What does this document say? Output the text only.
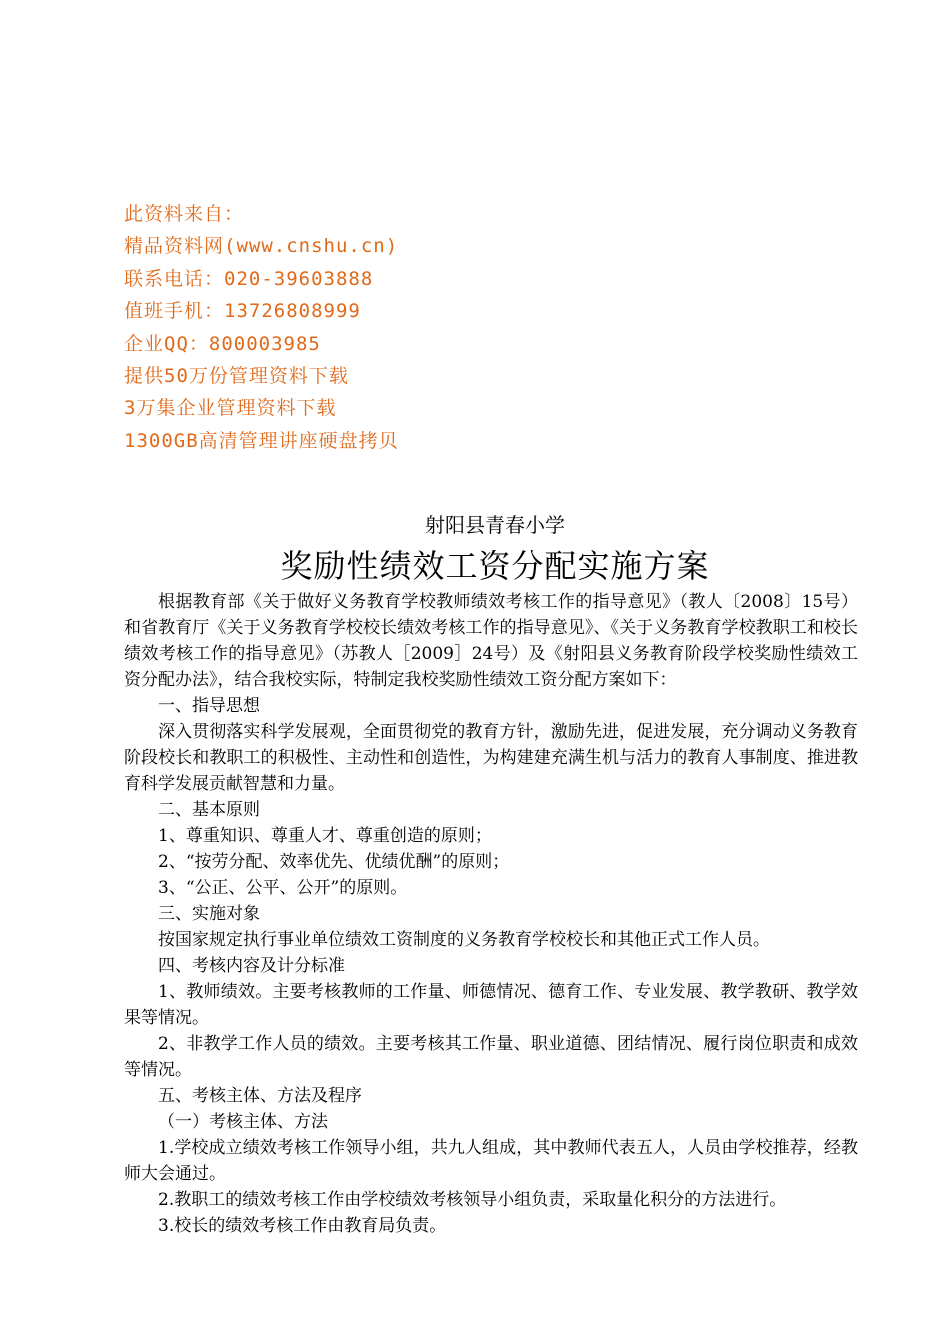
此资料来自：
精品资料网(www.cnshu.cn)
联系电话：020-39603888
值班手机：13726808999
企业QQ：800003985
提供50万份管理资料下载
3万集企业管理资料下载
1300GB高清管理讲座硬盘拷贝
射阳县青春小学
奖励性绩效工资分配实施方案

根据教育部《关于做好义务教育学校教师绩效考核工作的指导意见》（教人〔2008〕15号）和省教育厅《关于义务教育学校校长绩效考核工作的指导意见》、《关于义务教育学校教职工和校长绩效考核工作的指导意见》（苏教人［2009］24号）及《射阳县义务教育阶段学校奖励性绩效工资分配办法》，结合我校实际，特制定我校奖励性绩效工资分配方案如下：

一、指导思想

深入贯彻落实科学发展观，全面贯彻党的教育方针，激励先进，促进发展，充分调动义务教育阶段校长和教职工的积极性、主动性和创造性，为构建建充满生机与活力的教育人事制度、推进教育科学发展贡献智慧和力量。

二、基本原则

1、尊重知识、尊重人才、尊重创造的原则；

2、“按劳分配、效率优先、优绩优酬”的原则；

3、“公正、公平、公开”的原则。

三、实施对象

按国家规定执行事业单位绩效工资制度的义务教育学校校长和其他正式工作人员。

四、考核内容及计分标准

1、教师绩效。主要考核教师的工作量、师德情况、德育工作、专业发展、教学教研、教学效果等情况。

2、非教学工作人员的绩效。主要考核其工作量、职业道德、团结情况、履行岗位职责和成效等情况。

五、考核主体、方法及程序

（一）考核主体、方法

1.学校成立绩效考核工作领导小组，共九人组成，其中教师代表五人，人员由学校推荐，经教师大会通过。

2.教职工的绩效考核工作由学校绩效考核领导小组负责，采取量化积分的方法进行。

3.校长的绩效考核工作由教育局负责。
